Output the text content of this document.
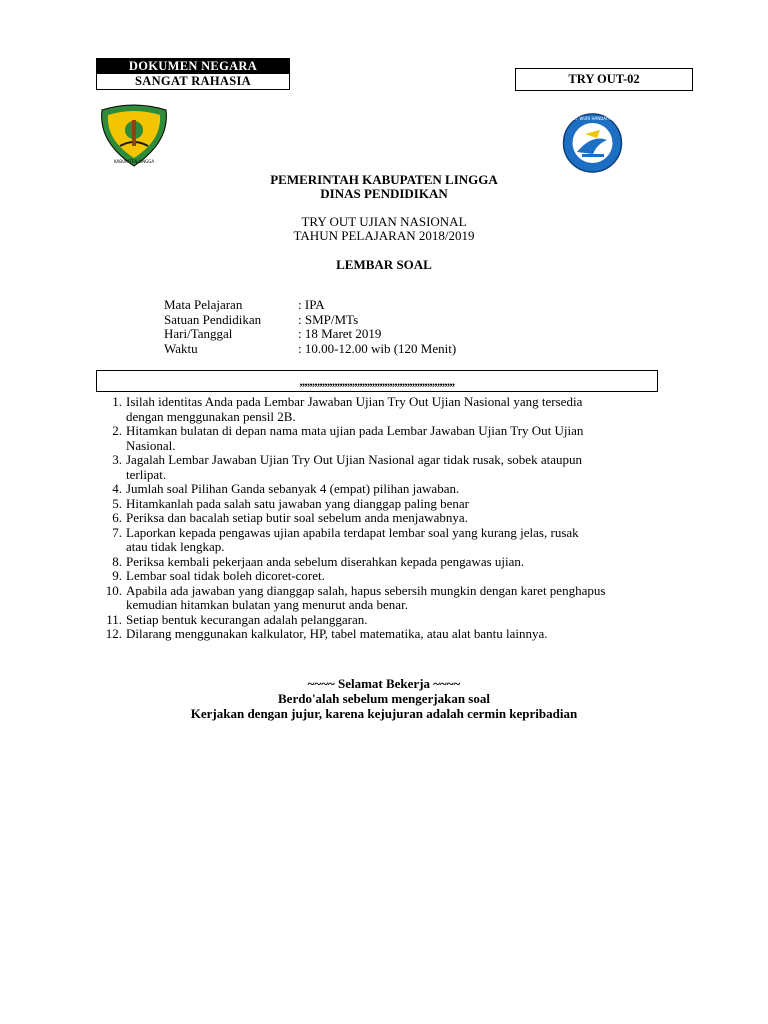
DOKUMEN NEGARA
SANGAT RAHASIA	TRY OUT-02
KABUPATEN LINGGA
TUT WURI HANDAYANI
PEMERINTAH KABUPATEN LINGGA
DINAS PENDIDIKAN
TRY OUT UJIAN NASIONAL
TAHUN PELAJARAN 2018/2019
LEMBAR SOAL
Mata Pelajaran	: IPA
Satuan Pendidikan	: SMP/MTs
Hari/Tanggal	: 18 Maret 2019
Waktu	: 10.00-12.00 wib (120 Menit)
,,,,,,,,,,,,,,,,,,,,,,,,,,,,,,,,,,,,,,,,,,,,,,,,,,,,,,,,,,,,,,
1. Isilah identitas Anda pada Lembar Jawaban Ujian Try Out Ujian Nasional yang tersedia
dengan menggunakan pensil 2B.
2. Hitamkan bulatan di depan nama mata ujian pada Lembar Jawaban Ujian Try Out Ujian
Nasional.
3. Jagalah Lembar Jawaban Ujian Try Out Ujian Nasional agar tidak rusak, sobek ataupun
terlipat.
4. Jumlah soal Pilihan Ganda sebanyak 4 (empat) pilihan jawaban.
5. Hitamkanlah pada salah satu jawaban yang dianggap paling benar
6. Periksa dan bacalah setiap butir soal sebelum anda menjawabnya.
7. Laporkan kepada pengawas ujian apabila terdapat lembar soal yang kurang jelas, rusak
atau tidak lengkap.
8. Periksa kembali pekerjaan anda sebelum diserahkan kepada pengawas ujian.
9. Lembar soal tidak boleh dicoret-coret.
10. Apabila ada jawaban yang dianggap salah, hapus sebersih mungkin dengan karet penghapus
kemudian hitamkan bulatan yang menurut anda benar.
11. Setiap bentuk kecurangan adalah pelanggaran.
12. Dilarang menggunakan kalkulator, HP, tabel matematika, atau alat bantu lainnya.
~~~~ Selamat Bekerja ~~~~
Berdo'alah sebelum mengerjakan soal
Kerjakan dengan jujur, karena kejujuran adalah cermin kepribadian
